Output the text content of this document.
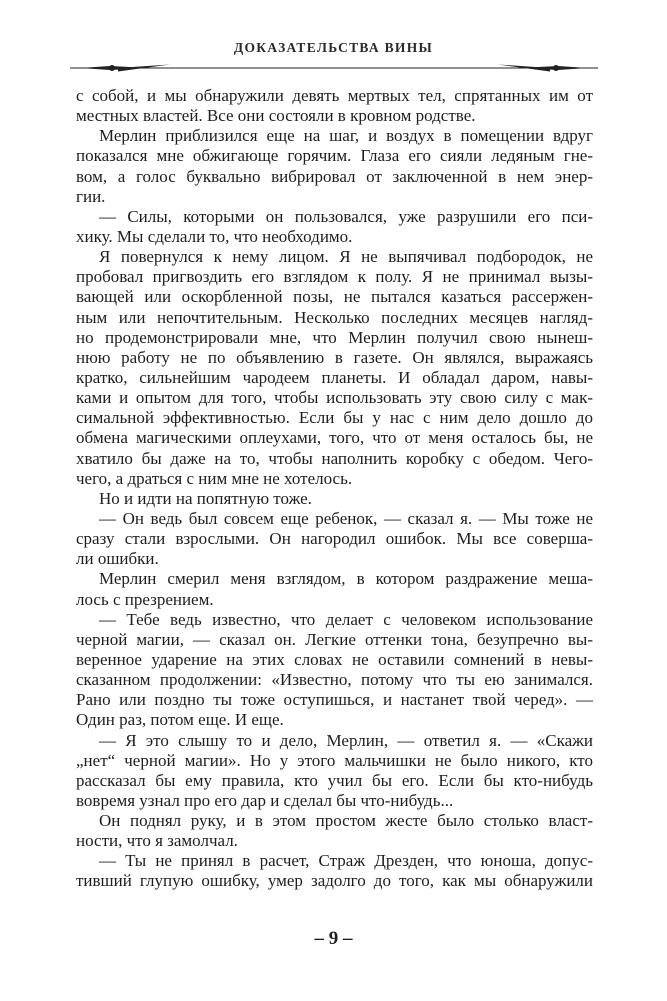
ДОКАЗАТЕЛЬСТВА ВИНЫ
с собой, и мы обнаружили девять мертвых тел, спрятанных им от
местных властей. Все они состояли в кровном родстве.
Мерлин приблизился еще на шаг, и воздух в помещении вдруг
показался мне обжигающе горячим. Глаза его сияли ледяным гне-
вом, а голос буквально вибрировал от заключенной в нем энер-
гии.
— Силы, которыми он пользовался, уже разрушили его пси-
хику. Мы сделали то, что необходимо.
Я повернулся к нему лицом. Я не выпячивал подбородок, не
пробовал пригвоздить его взглядом к полу. Я не принимал вызы-
вающей или оскорбленной позы, не пытался казаться рассержен-
ным или непочтительным. Несколько последних месяцев нагляд-
но продемонстрировали мне, что Мерлин получил свою нынеш-
нюю работу не по объявлению в газете. Он являлся, выражаясь
кратко, сильнейшим чародеем планеты. И обладал даром, навы-
ками и опытом для того, чтобы использовать эту свою силу с мак-
симальной эффективностью. Если бы у нас с ним дело дошло до
обмена магическими оплеухами, того, что от меня осталось бы, не
хватило бы даже на то, чтобы наполнить коробку с обедом. Чего-
чего, а драться с ним мне не хотелось.
Но и идти на попятную тоже.
— Он ведь был совсем еще ребенок, — сказал я. — Мы тоже не
сразу стали взрослыми. Он нагородил ошибок. Мы все соверша-
ли ошибки.
Мерлин смерил меня взглядом, в котором раздражение меша-
лось с презрением.
— Тебе ведь известно, что делает с человеком использование
черной магии, — сказал он. Легкие оттенки тона, безупречно вы-
веренное ударение на этих словах не оставили сомнений в невы-
сказанном продолжении: «Известно, потому что ты ею занимался.
Рано или поздно ты тоже оступишься, и настанет твой черед». —
Один раз, потом еще. И еще.
— Я это слышу то и дело, Мерлин, — ответил я. — «Скажи
„нет“ черной магии». Но у этого мальчишки не было никого, кто
рассказал бы ему правила, кто учил бы его. Если бы кто-нибудь
вовремя узнал про его дар и сделал бы что-нибудь...
Он поднял руку, и в этом простом жесте было столько власт-
ности, что я замолчал.
— Ты не принял в расчет, Страж Дрезден, что юноша, допус-
тивший глупую ошибку, умер задолго до того, как мы обнаружили
– 9 –
